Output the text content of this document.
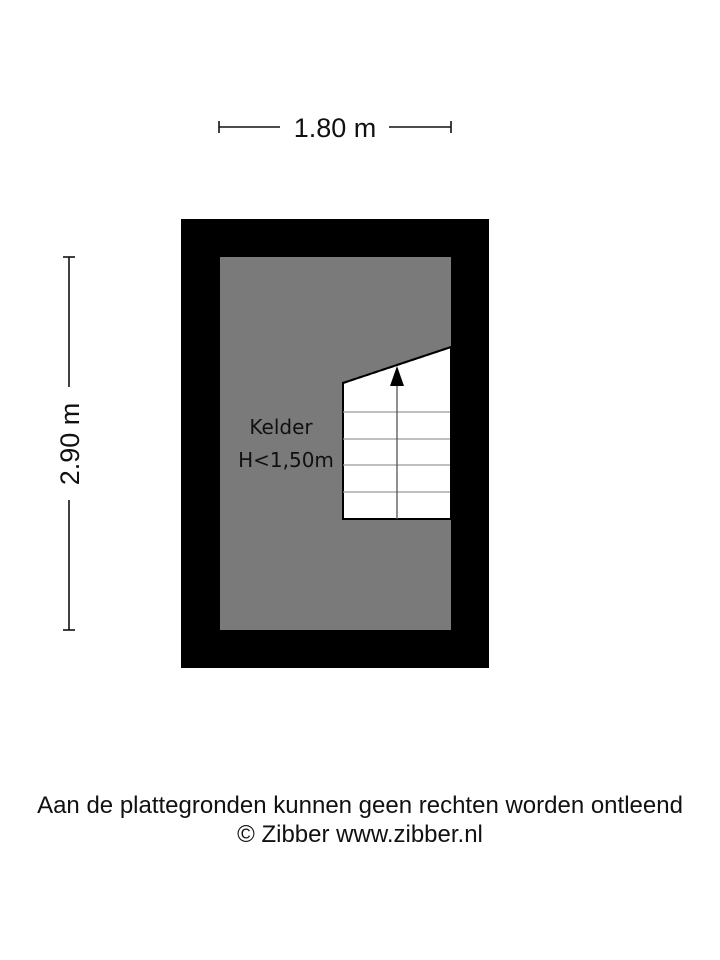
1.80 m
2.90 m	Kelder
H<1,50m
Aan de plattegronden kunnen geen rechten worden ontleend
© Zibber www.zibber.nl
